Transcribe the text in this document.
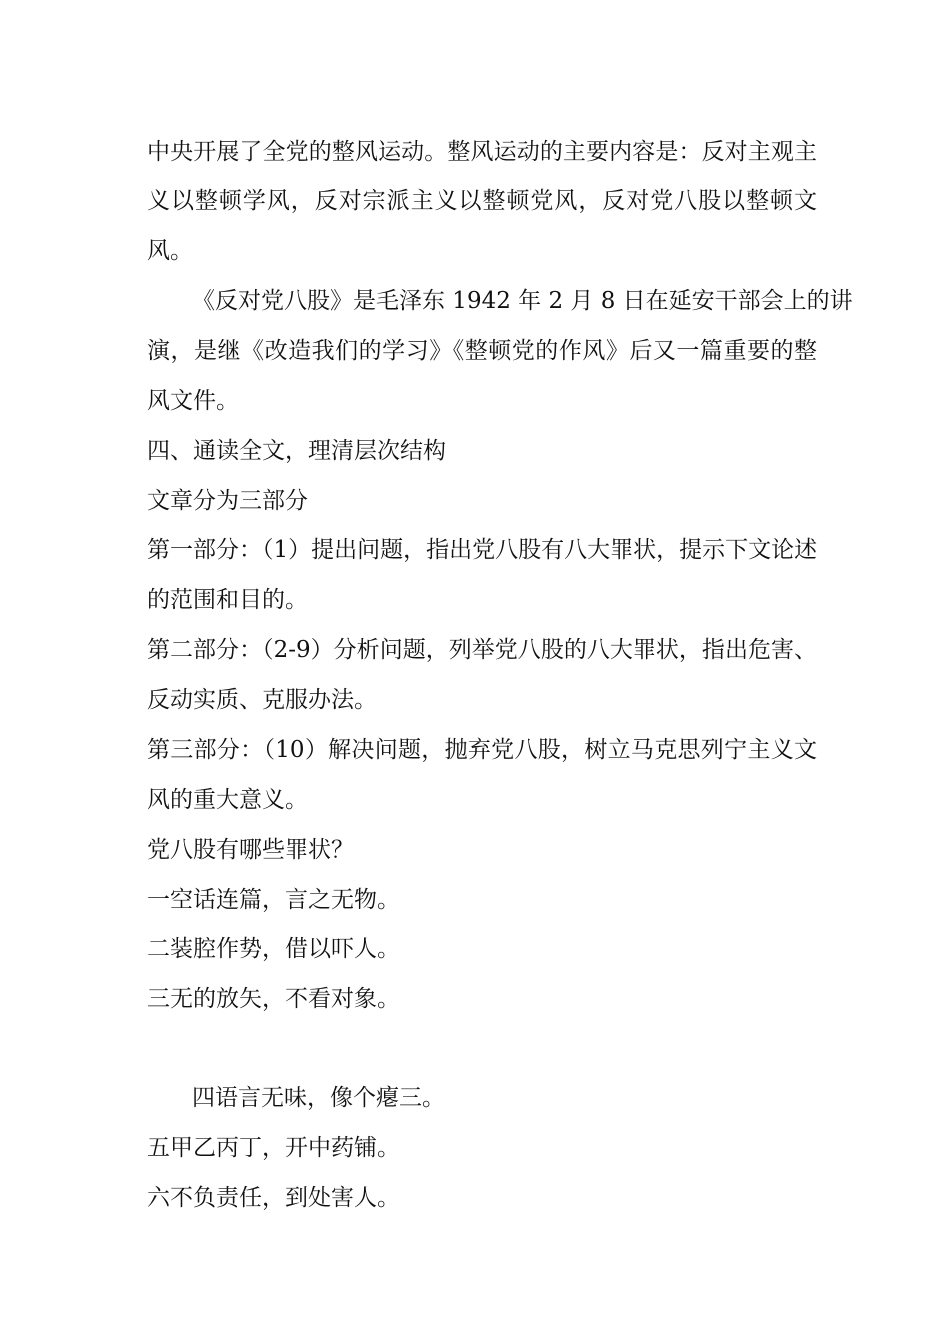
中央开展了全党的整风运动。整风运动的主要内容是：反对主观主
义以整顿学风，反对宗派主义以整顿党风，反对党八股以整顿文
风。
《反对党八股》是毛泽东 1942 年 2 月 8 日在延安干部会上的讲
演，是继《改造我们的学习》《整顿党的作风》后又一篇重要的整
风文件。
四、通读全文，理清层次结构
文章分为三部分
第一部分：（1）提出问题，指出党八股有八大罪状，提示下文论述
的范围和目的。
第二部分：（2-9）分析问题，列举党八股的八大罪状，指出危害、
反动实质、克服办法。
第三部分：（10）解决问题，抛弃党八股，树立马克思列宁主义文
风的重大意义。
党八股有哪些罪状？
一空话连篇，言之无物。
二装腔作势，借以吓人。
三无的放矢，不看对象。
四语言无味，像个瘪三。
五甲乙丙丁，开中药铺。
六不负责任，到处害人。
